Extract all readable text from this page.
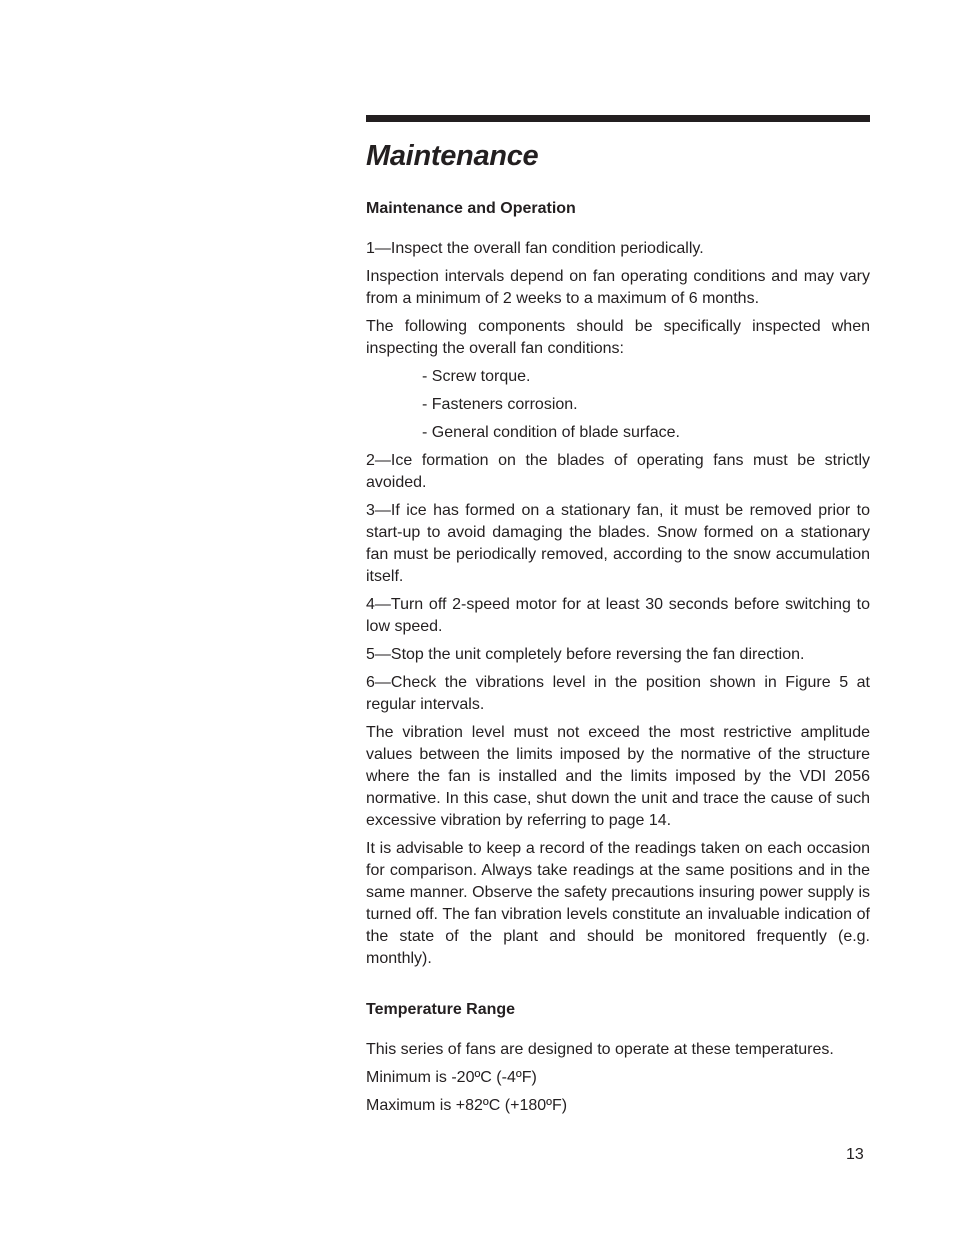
Maintenance
Maintenance and Operation

1—Inspect the overall fan condition periodically.

Inspection intervals depend on fan operating conditions and may vary from a minimum of 2 weeks to a maximum of 6 months.

The following components should be specifically inspected when inspecting the overall fan conditions:

- Screw torque.

- Fasteners corrosion.

- General condition of blade surface.

2—Ice formation on the blades of operating fans must be strictly avoided.

3—If ice has formed on a stationary fan, it must be removed prior to start-up to avoid damaging the blades. Snow formed on a stationary fan must be periodically removed, according to the snow accumulation itself.

4—Turn off 2-speed motor for at least 30 seconds before switching to low speed.

5—Stop the unit completely before reversing the fan direction.

6—Check the vibrations level in the position shown in Figure 5 at regular intervals.

The vibration level must not exceed the most restrictive amplitude values between the limits imposed by the normative of the structure where the fan is installed and the limits imposed by the VDI 2056 normative. In this case, shut down the unit and trace the cause of such excessive vibration by referring to page 14.

It is advisable to keep a record of the readings taken on each occasion for comparison. Always take readings at the same positions and in the same manner. Observe the safety precautions insuring power supply is turned off. The fan vibration levels constitute an invaluable indication of the state of the plant and should be monitored frequently (e.g. monthly).

Temperature Range

This series of fans are designed to operate at these temperatures.

Minimum is -20ºC (-4ºF)

Maximum is +82ºC (+180ºF)

13
